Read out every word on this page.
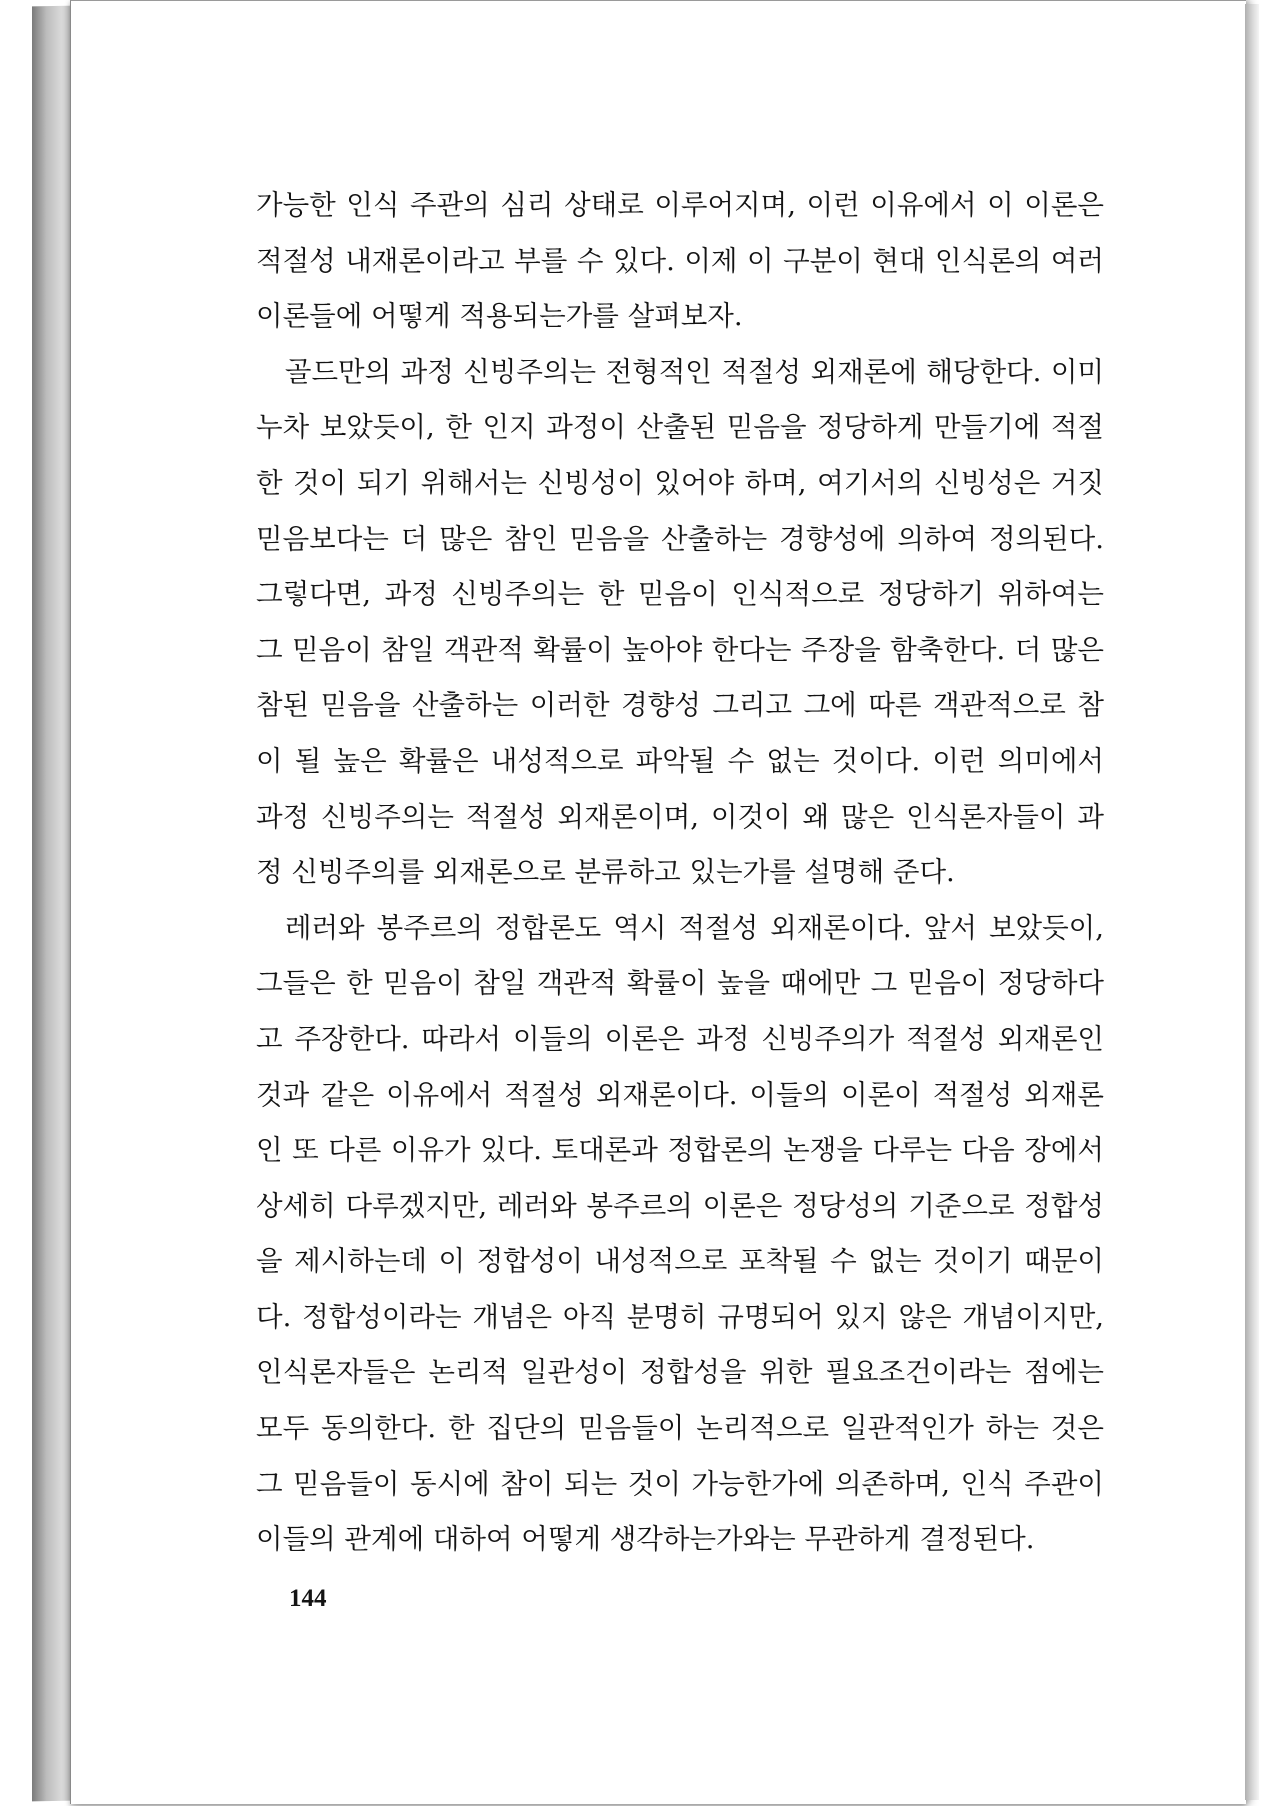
가능한 인식 주관의 심리 상태로 이루어지며, 이런 이유에서 이 이론은 적절성 내재론이라고 부를 수 있다. 이제 이 구분이 현대 인식론의 여러 이론들에 어떻게 적용되는가를 살펴보자.

골드만의 과정 신빙주의는 전형적인 적절성 외재론에 해당한다. 이미 누차 보았듯이, 한 인지 과정이 산출된 믿음을 정당하게 만들기에 적절한 것이 되기 위해서는 신빙성이 있어야 하며, 여기서의 신빙성은 거짓 믿음보다는 더 많은 참인 믿음을 산출하는 경향성에 의하여 정의된다. 그렇다면, 과정 신빙주의는 한 믿음이 인식적으로 정당하기 위하여는 그 믿음이 참일 객관적 확률이 높아야 한다는 주장을 함축한다. 더 많은 참된 믿음을 산출하는 이러한 경향성 그리고 그에 따른 객관적으로 참이 될 높은 확률은 내성적으로 파악될 수 없는 것이다. 이런 의미에서 과정 신빙주의는 적절성 외재론이며, 이것이 왜 많은 인식론자들이 과정 신빙주의를 외재론으로 분류하고 있는가를 설명해 준다.

레러와 봉주르의 정합론도 역시 적절성 외재론이다. 앞서 보았듯이, 그들은 한 믿음이 참일 객관적 확률이 높을 때에만 그 믿음이 정당하다고 주장한다. 따라서 이들의 이론은 과정 신빙주의가 적절성 외재론인 것과 같은 이유에서 적절성 외재론이다. 이들의 이론이 적절성 외재론인 또 다른 이유가 있다. 토대론과 정합론의 논쟁을 다루는 다음 장에서 상세히 다루겠지만, 레러와 봉주르의 이론은 정당성의 기준으로 정합성을 제시하는데 이 정합성이 내성적으로 포착될 수 없는 것이기 때문이다. 정합성이라는 개념은 아직 분명히 규명되어 있지 않은 개념이지만, 인식론자들은 논리적 일관성이 정합성을 위한 필요조건이라는 점에는 모두 동의한다. 한 집단의 믿음들이 논리적으로 일관적인가 하는 것은 그 믿음들이 동시에 참이 되는 것이 가능한가에 의존하며, 인식 주관이 이들의 관계에 대하여 어떻게 생각하는가와는 무관하게 결정된다.

144
